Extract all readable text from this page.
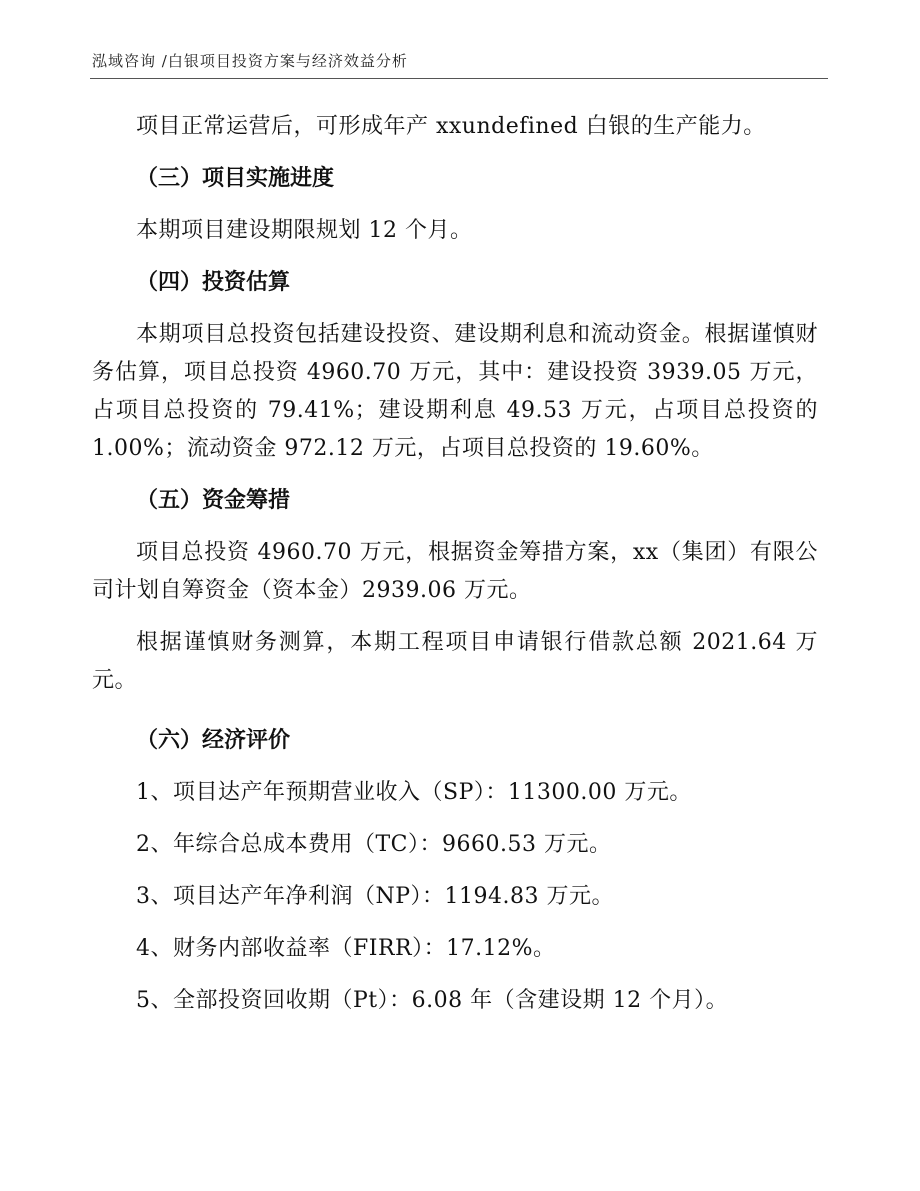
泓域咨询 /白银项目投资方案与经济效益分析

项目正常运营后，可形成年产 xxundefined 白银的生产能力。

（三）项目实施进度

本期项目建设期限规划 12 个月。

（四）投资估算

本期项目总投资包括建设投资、建设期利息和流动资金。根据谨慎财务估算，项目总投资 4960.70 万元，其中：建设投资 3939.05 万元，占项目总投资的 79.41%；建设期利息 49.53 万元，占项目总投资的 1.00%；流动资金 972.12 万元，占项目总投资的 19.60%。

（五）资金筹措

项目总投资 4960.70 万元，根据资金筹措方案，xx（集团）有限公司计划自筹资金（资本金）2939.06 万元。

根据谨慎财务测算，本期工程项目申请银行借款总额 2021.64 万元。

（六）经济评价

1、项目达产年预期营业收入（SP）：11300.00 万元。

2、年综合总成本费用（TC）：9660.53 万元。

3、项目达产年净利润（NP）：1194.83 万元。

4、财务内部收益率（FIRR）：17.12%。

5、全部投资回收期（Pt）：6.08 年（含建设期 12 个月）。
